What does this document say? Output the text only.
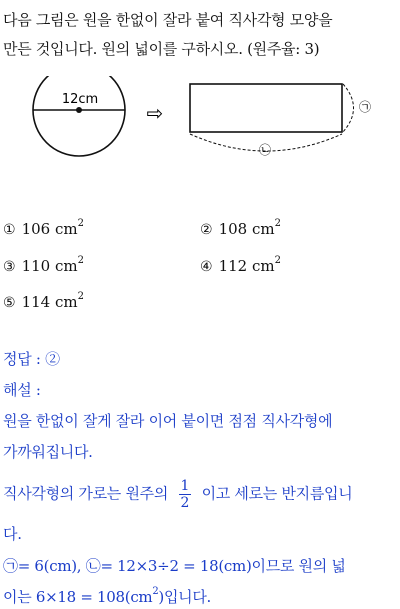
다음 그림은 원을 한없이 잘라 붙여 직사각형 모양을
만든 것입니다. 원의 넓이를 구하시오. (원주율: 3)
12cm
⇨	㉠
㉡
① 106 $cm^2$	② 108 $cm^2$
③ 110 $cm^2$	④ 112 $cm^2$
⑤ 114 $cm^2$
정답 : ②
해설 :
원을 한없이 잘게 잘라 이어 붙이면 점점 직사각형에
가까워집니다.
직사각형의 가로는 원주의 $\frac{1}{2}$ 이고 세로는 반지름입니
다.
㉠= 6(cm), ㉡= 12×3÷2 = 18(cm)이므로 원의 넓
이는 $6\times 18 = 108(cm^2)$입니다.
